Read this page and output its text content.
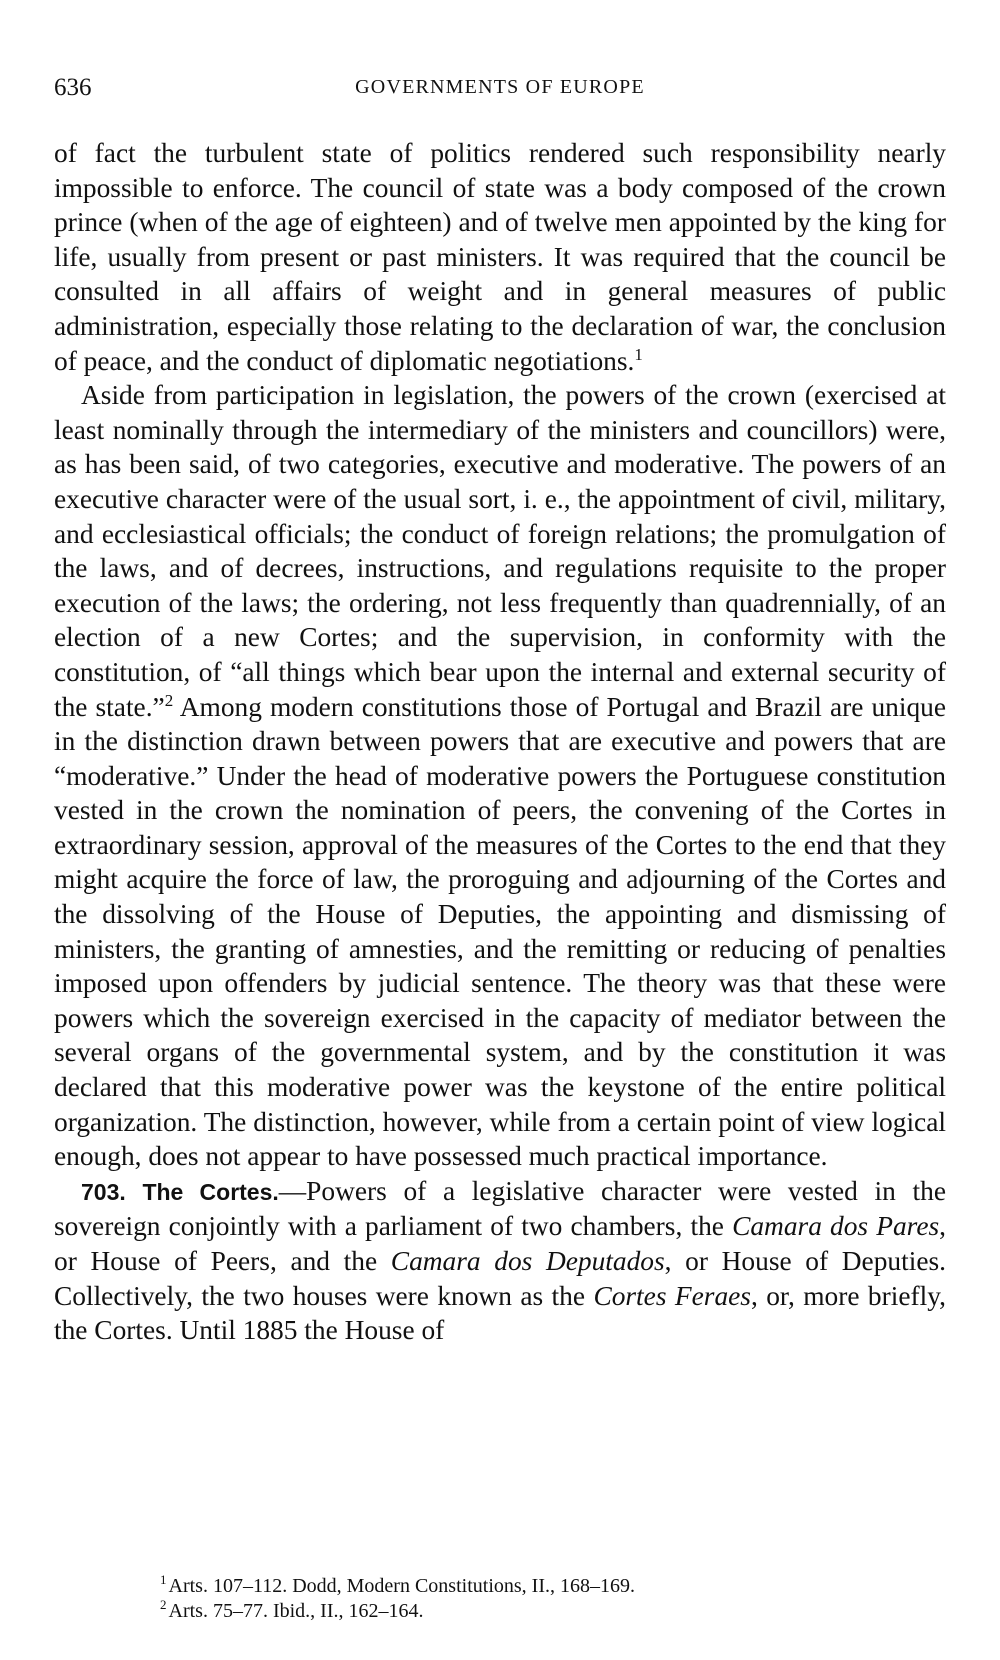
636	GOVERNMENTS OF EUROPE

of fact the turbulent state of politics rendered such responsibility nearly impossible to enforce. The council of state was a body composed of the crown prince (when of the age of eighteen) and of twelve men appointed by the king for life, usually from present or past ministers. It was required that the council be consulted in all affairs of weight and in general measures of public administration, especially those relating to the declaration of war, the conclusion of peace, and the conduct of diplomatic negotiations.$^1$

Aside from participation in legislation, the powers of the crown (exercised at least nominally through the intermediary of the ministers and councillors) were, as has been said, of two categories, executive and moderative. The powers of an executive character were of the usual sort, i. e., the appointment of civil, military, and ecclesiastical officials; the conduct of foreign relations; the promulgation of the laws, and of decrees, instructions, and regulations requisite to the proper execution of the laws; the ordering, not less frequently than quadrennially, of an election of a new Cortes; and the supervision, in conformity with the constitution, of “all things which bear upon the internal and external security of the state.”$^2$ Among modern constitutions those of Portugal and Brazil are unique in the distinction drawn between powers that are executive and powers that are “moderative.” Under the head of moderative powers the Portuguese constitution vested in the crown the nomination of peers, the convening of the Cortes in extraordinary session, approval of the measures of the Cortes to the end that they might acquire the force of law, the proroguing and adjourning of the Cortes and the dissolving of the House of Deputies, the appointing and dismissing of ministers, the granting of amnesties, and the remitting or reducing of penalties imposed upon offenders by judicial sentence. The theory was that these were powers which the sovereign exercised in the capacity of mediator between the several organs of the governmental system, and by the constitution it was declared that this moderative power was the keystone of the entire political organization. The distinction, however, while from a certain point of view logical enough, does not appear to have possessed much practical importance.

703. The Cortes.—Powers of a legislative character were vested in the sovereign conjointly with a parliament of two chambers, the Camara dos Pares, or House of Peers, and the Camara dos Deputados, or House of Deputies. Collectively, the two houses were known as the Cortes Feraes, or, more briefly, the Cortes. Until 1885 the House of

$^1$ Arts. 107–112. Dodd, Modern Constitutions, II., 168–169.

$^2$ Arts. 75–77. Ibid., II., 162–164.
